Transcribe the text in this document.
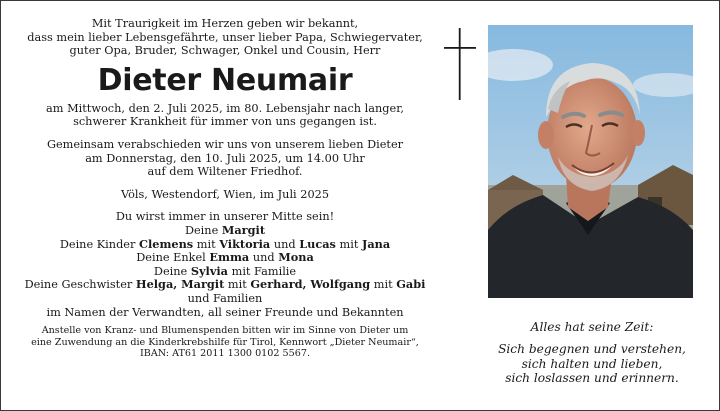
Mit Traurigkeit im Herzen geben wir bekannt,

dass mein lieber Lebensgefährte, unser lieber Papa, Schwiegervater,

guter Opa, Bruder, Schwager, Onkel und Cousin, Herr

Dieter Neumair

am Mittwoch, den 2. Juli 2025, im 80. Lebensjahr nach langer,

schwerer Krankheit für immer von uns gegangen ist.

Gemeinsam verabschieden wir uns von unserem lieben Dieter

am Donnerstag, den 10. Juli 2025, um 14.00 Uhr

auf dem Wiltener Friedhof.

Völs, Westendorf, Wien, im Juli 2025

Du wirst immer in unserer Mitte sein!

Deine Margit

Deine Kinder Clemens mit Viktoria und Lucas mit Jana

Deine Enkel Emma und Mona

Deine Sylvia mit Familie

Deine Geschwister Helga, Margit mit Gerhard, Wolfgang mit Gabi

und Familien

im Namen der Verwandten, all seiner Freunde und Bekannten

Anstelle von Kranz- und Blumenspenden bitten wir im Sinne von Dieter um

eine Zuwendung an die Kinderkrebshilfe für Tirol, Kennwort „Dieter Neumair“,

IBAN: AT61 2011 1300 0102 5567.

Alles hat seine Zeit:

Sich begegnen und verstehen,

sich halten und lieben,

sich loslassen und erinnern.
